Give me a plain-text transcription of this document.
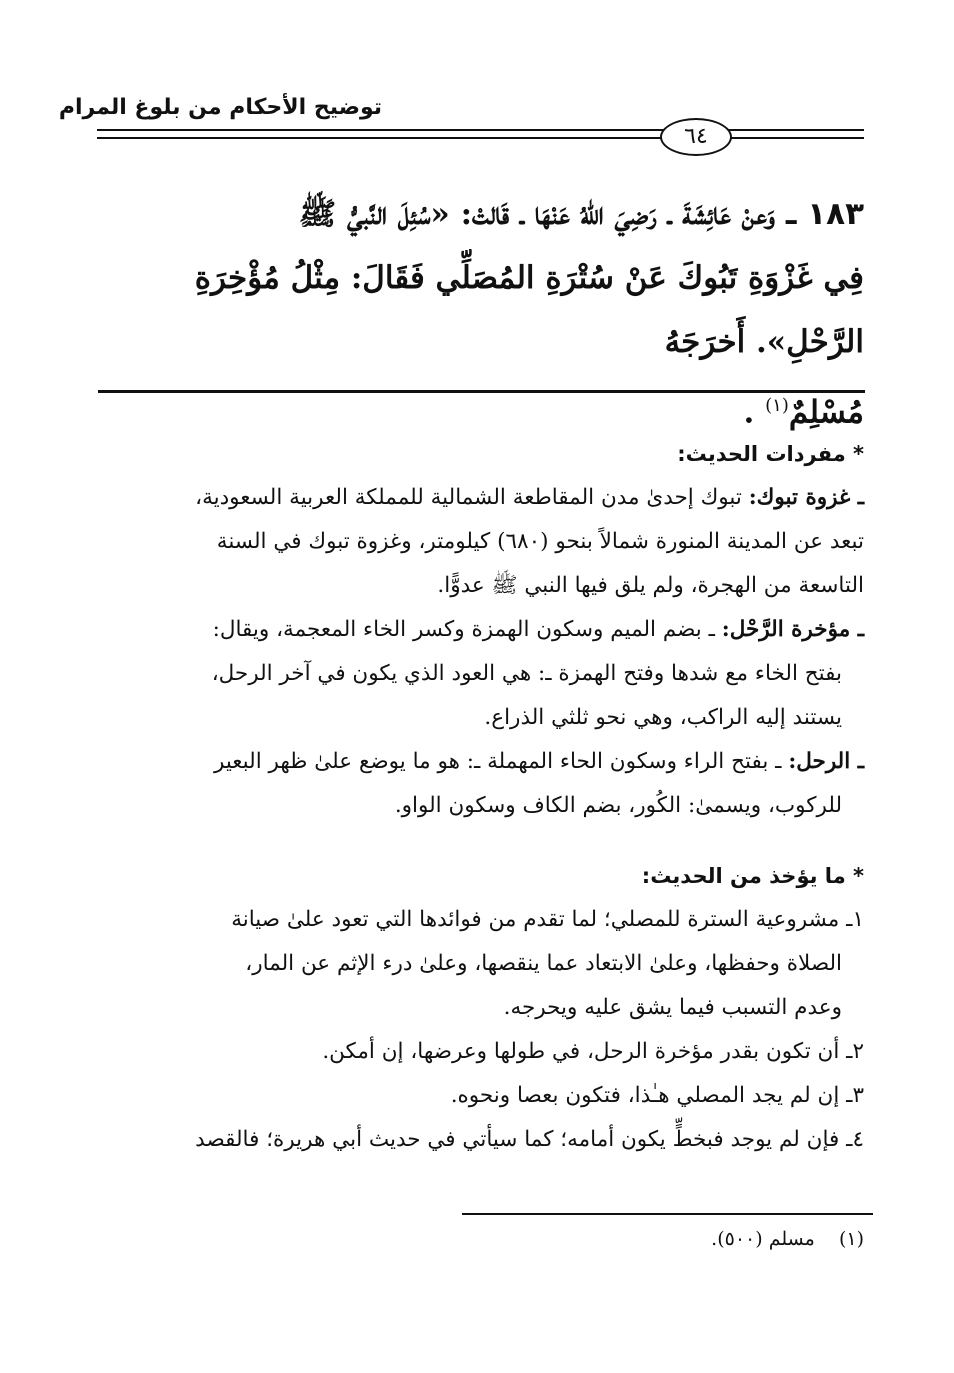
توضيح الأحكام من بلوغ المرام
٦٤

١٨٣ ـ وَعنْ عَائِشَةَ ـ رَضِيَ اللهُ عَنْهَا ـ قَالتْ: «سُئِلَ النَّبيُّ ﷺ

فِي غَزْوَةِ تَبُوكَ عَنْ سُتْرَةِ المُصَلِّي فَقَالَ: مِثْلُ مُؤْخِرَةِ الرَّحْلِ». أَخرَجَهُ

مُسْلِمٌ$^{(١)}$ .

* مفردات الحديث:

ـ غزوة تبوك: تبوك إحدىٰ مدن المقاطعة الشمالية للمملكة العربية السعودية،

تبعد عن المدينة المنورة شمالاً بنحو (٦٨٠) كيلومتر، وغزوة تبوك في السنة

التاسعة من الهجرة، ولم يلق فيها النبي ﷺ عدوًّا.

ـ مؤخرة الرَّحْل: ـ بضم الميم وسكون الهمزة وكسر الخاء المعجمة، ويقال:

بفتح الخاء مع شدها وفتح الهمزة ـ: هي العود الذي يكون في آخر الرحل،

يستند إليه الراكب، وهي نحو ثلثي الذراع.

ـ الرحل: ـ بفتح الراء وسكون الحاء المهملة ـ: هو ما يوضع علىٰ ظهر البعير

للركوب، ويسمىٰ: الكُور، بضم الكاف وسكون الواو.

* ما يؤخذ من الحديث:

١ـ مشروعية السترة للمصلي؛ لما تقدم من فوائدها التي تعود علىٰ صيانة

الصلاة وحفظها، وعلىٰ الابتعاد عما ينقصها، وعلىٰ درء الإثم عن المار،

وعدم التسبب فيما يشق عليه ويحرجه.

٢ـ أن تكون بقدر مؤخرة الرحل، في طولها وعرضها، إن أمكن.

٣ـ إن لم يجد المصلي هـٰذا، فتكون بعصا ونحوه.

٤ـ فإن لم يوجد فبخطٍّ يكون أمامه؛ كما سيأتي في حديث أبي هريرة؛ فالقصد

(١)    مسلم (٥٠٠).
